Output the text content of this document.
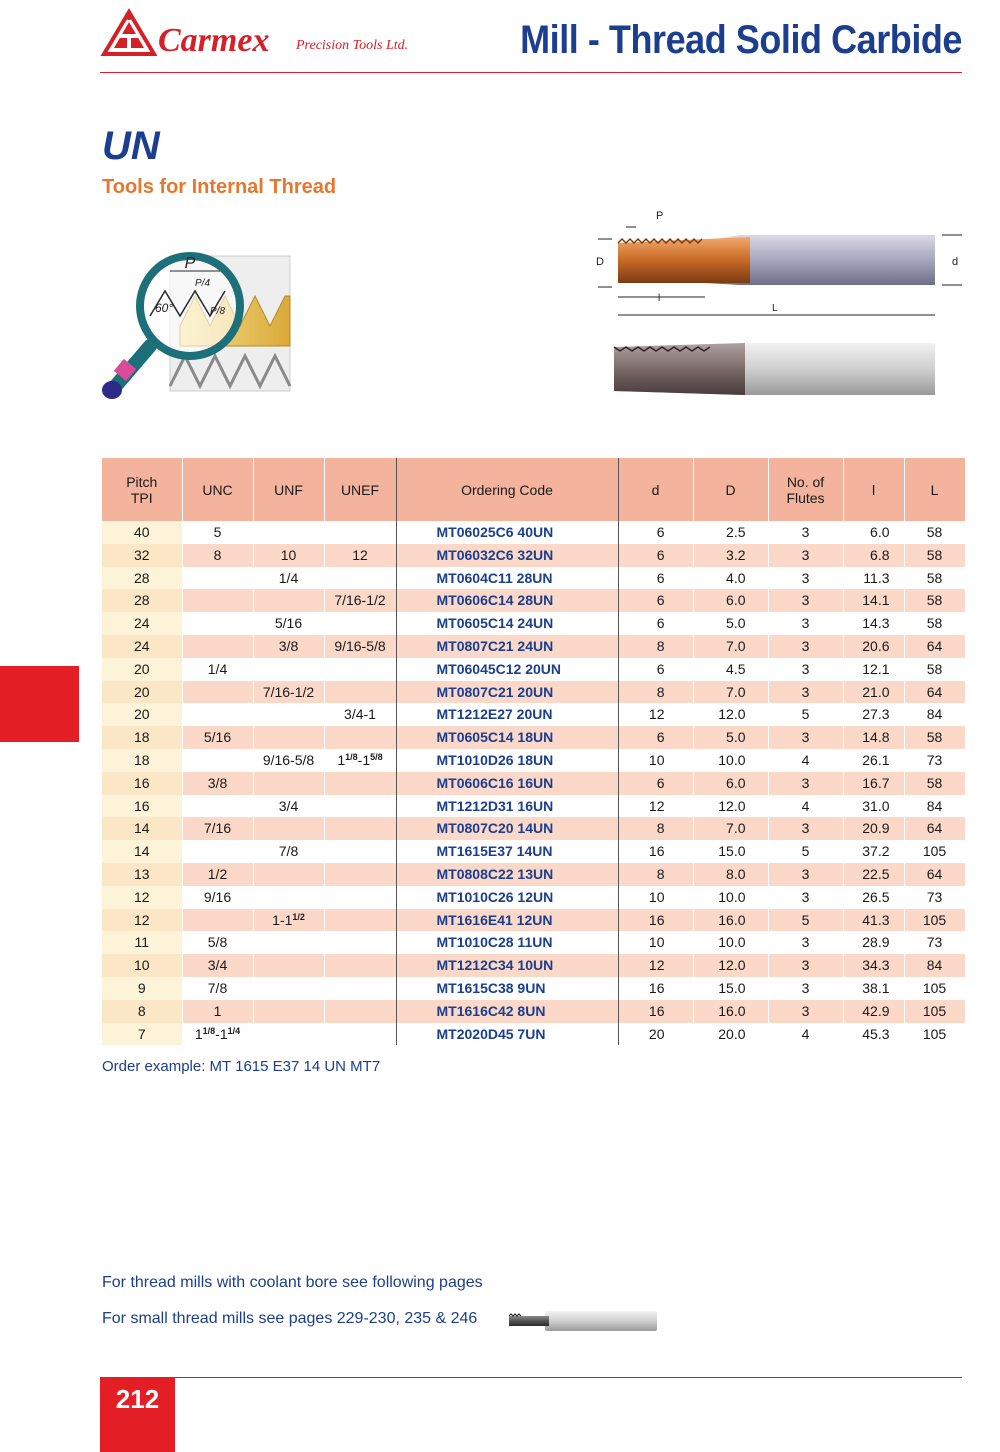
Carmex Precision Tools Ltd.	Mill - Thread Solid Carbide
UN
Tools for Internal Thread
P
P/4
P/8
60°
D	d
P
l
L
Pitch TPI	UNC	UNF	UNEF	Ordering Code	d	D	No. of Flutes	l	L
40	5			MT06025C6 40UN	6	2.5	3	6.0	58
32	8	10	12	MT06032C6 32UN	6	3.2	3	6.8	58
28		1/4		MT0604C11 28UN	6	4.0	3	11.3	58
28			7/16-1/2	MT0606C14 28UN	6	6.0	3	14.1	58
24		5/16		MT0605C14 24UN	6	5.0	3	14.3	58
24		3/8	9/16-5/8	MT0807C21 24UN	8	7.0	3	20.6	64
20	1/4			MT06045C12 20UN	6	4.5	3	12.1	58
20		7/16-1/2		MT0807C21 20UN	8	7.0	3	21.0	64
20			3/4-1	MT1212E27 20UN	12	12.0	5	27.3	84
18	5/16			MT0605C14 18UN	6	5.0	3	14.8	58
18		9/16-5/8	$1^{1/8}-1^{5/8}$	MT1010D26 18UN	10	10.0	4	26.1	73
16	3/8			MT0606C16 16UN	6	6.0	3	16.7	58
16		3/4		MT1212D31 16UN	12	12.0	4	31.0	84
14	7/16			MT0807C20 14UN	8	7.0	3	20.9	64
14		7/8		MT1615E37 14UN	16	15.0	5	37.2	105
13	1/2			MT0808C22 13UN	8	8.0	3	22.5	64
12	9/16			MT1010C26 12UN	10	10.0	3	26.5	73
12		$1-1^{1/2}$		MT1616E41 12UN	16	16.0	5	41.3	105
11	5/8			MT1010C28 11UN	10	10.0	3	28.9	73
10	3/4			MT1212C34 10UN	12	12.0	3	34.3	84
9	7/8			MT1615C38 9UN	16	15.0	3	38.1	105
8	1			MT1616C42 8UN	16	16.0	3	42.9	105
7	$1^{1/8}-1^{1/4}$			MT2020D45 7UN	20	20.0	4	45.3	105
Order example: MT 1615 E37 14 UN MT7
For thread mills with coolant bore see following pages
For small thread mills see pages 229-230, 235 & 246
212
